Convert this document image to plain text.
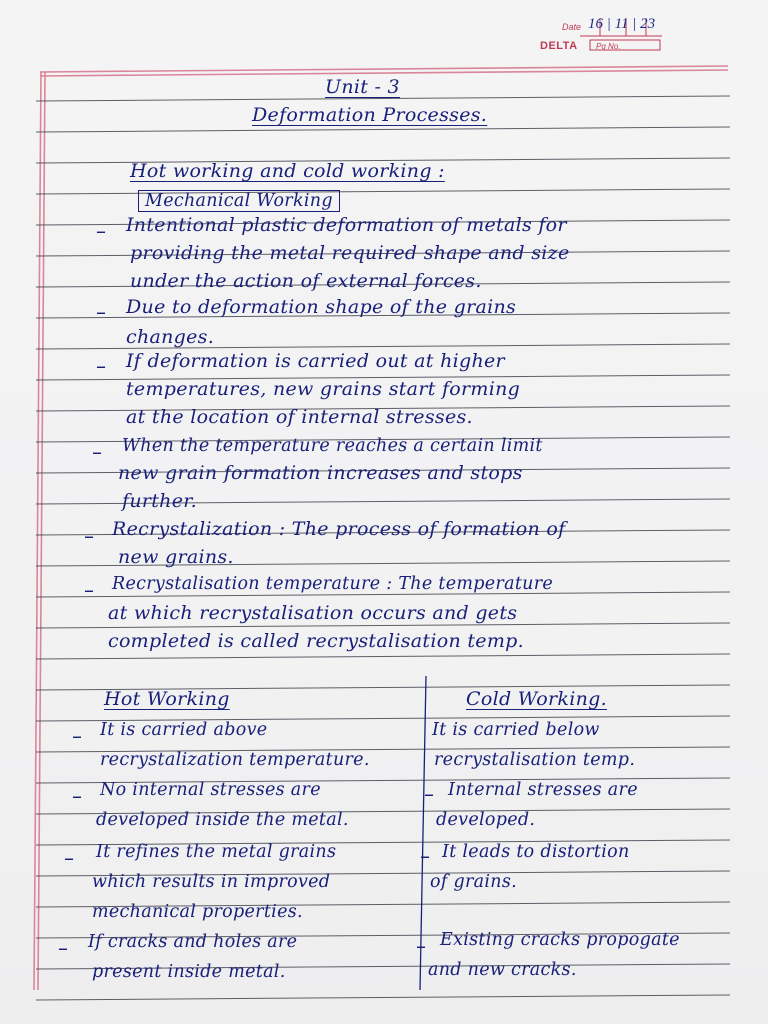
Date 16 | 11 | 23
DELTA Pg No.
Unit - 3
Deformation Processes.
Hot working and cold working :
Mechanical Working
– Intentional plastic deformation of metals for
providing the metal required shape and size
under the action of external forces.
– Due to deformation shape of the grains
changes.
– If deformation is carried out at higher
temperatures, new grains start forming
at the location of internal stresses.
– When the temperature reaches a certain limit
new grain formation increases and stops
further.
– Recrystalization : The process of formation of
new grains.
– Recrystalisation temperature : The temperature
at which recrystalisation occurs and gets
completed is called recrystalisation temp.
Hot Working	Cold Working.
– It is carried above
recrystalization temperature.
– No internal stresses are
developed inside the metal.
– It refines the metal grains
which results in improved
mechanical properties.
– If cracks and holes are
present inside metal.
It is carried below
recrystalisation temp.
– Internal stresses are
developed.
– It leads to distortion
of grains.
– Existing cracks propogate
and new cracks.
